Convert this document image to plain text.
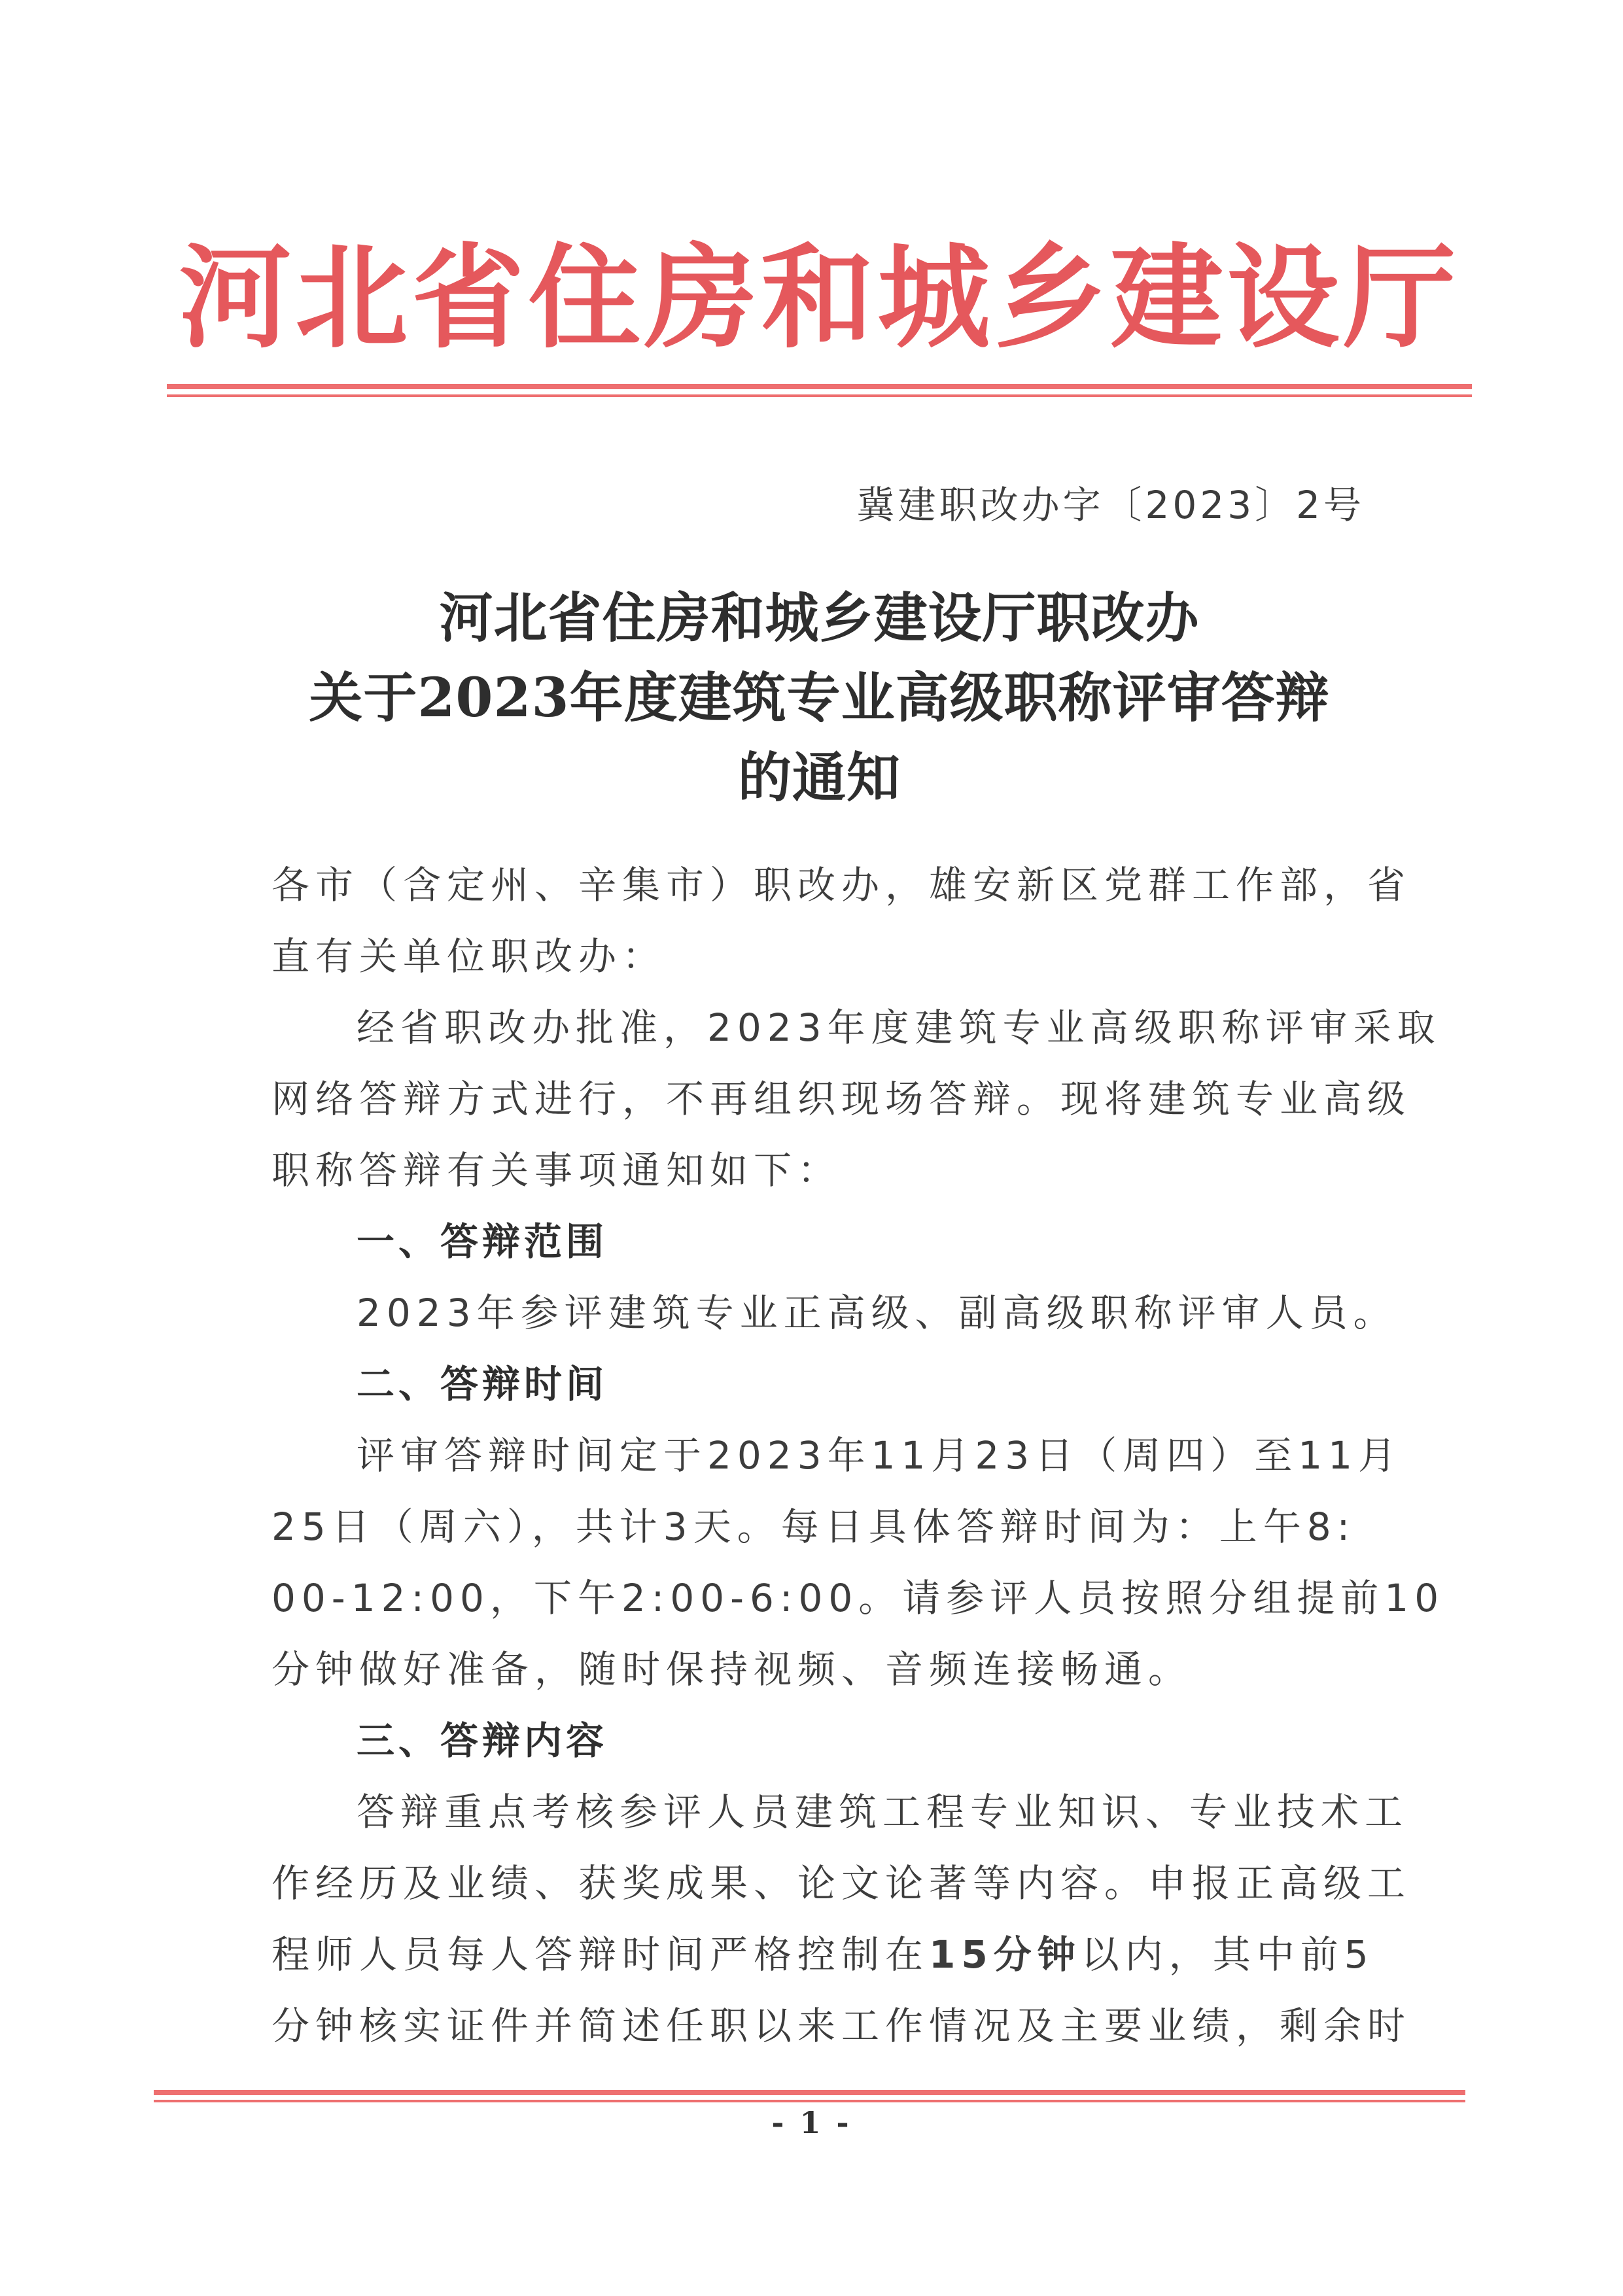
河北省住房和城乡建设厅
冀建职改办字〔2023〕2号
河北省住房和城乡建设厅职改办
关于2023年度建筑专业高级职称评审答辩
的通知
各市（含定州、辛集市）职改办，雄安新区党群工作部，省
直有关单位职改办：
经省职改办批准，2023年度建筑专业高级职称评审采取
网络答辩方式进行，不再组织现场答辩。现将建筑专业高级
职称答辩有关事项通知如下：
一、答辩范围
2023年参评建筑专业正高级、副高级职称评审人员。
二、答辩时间
评审答辩时间定于2023年11月23日（周四）至11月
25日（周六），共计3天。每日具体答辩时间为：上午8:
00-12:00，下午2:00-6:00。请参评人员按照分组提前10
分钟做好准备，随时保持视频、音频连接畅通。
三、答辩内容
答辩重点考核参评人员建筑工程专业知识、专业技术工
作经历及业绩、获奖成果、论文论著等内容。申报正高级工
程师人员每人答辩时间严格控制在15分钟以内，其中前5
分钟核实证件并简述任职以来工作情况及主要业绩，剩余时
- 1 -
